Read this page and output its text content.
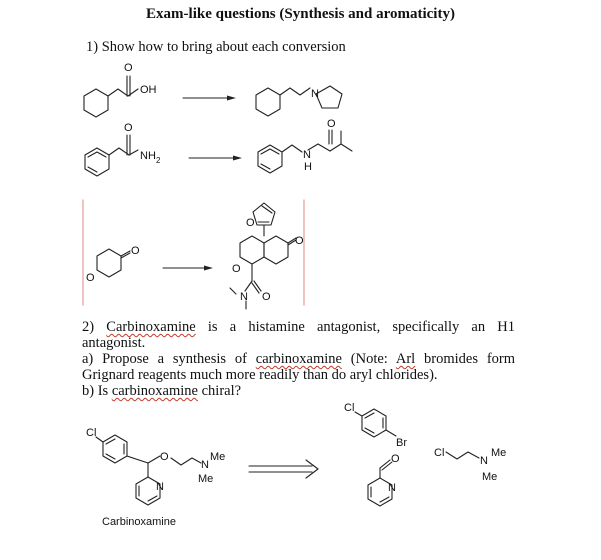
Exam-like questions (Synthesis and aromaticity)
1) Show how to bring about each conversion
O
OH	N
O
NH 2
O
N
H
O
O
O
O
O
N O
Cl
O
N
Me
Me
N
Cl
Br
O
N
Cl
N
Me
Me
2) Carbinoxamine is a histamine antagonist, specifically an H1
antagonist.
a) Propose a synthesis of carbinoxamine (Note: Arl bromides form
Grignard reagents much more readily than do aryl chlorides).
b) Is carbinoxamine chiral?
Carbinoxamine
